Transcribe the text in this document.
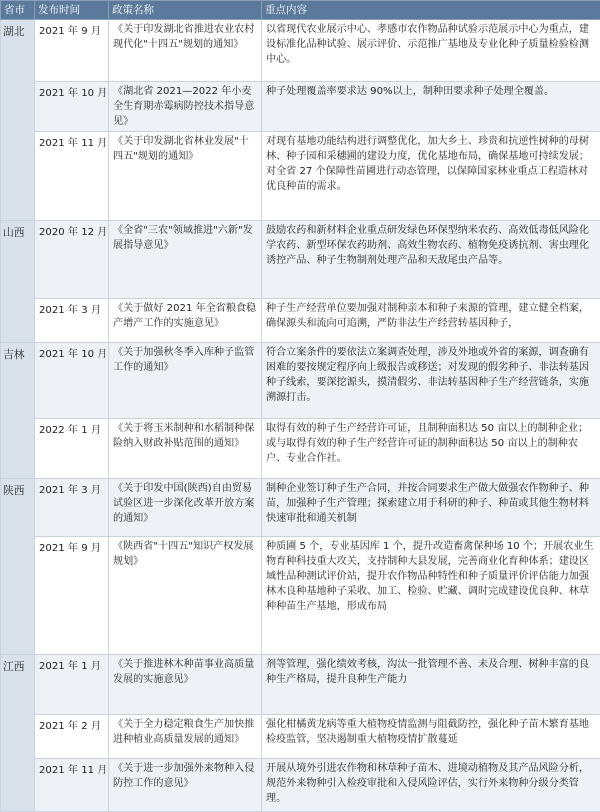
省市	发布时间	政策名称	重点内容
湖北	2021 年 9 月	《关于印发湖北省推进农业农村现代化"十四五"规划的通知》	以省现代农业展示中心、孝感市农作物品种试验示范展示中心为重点，建设标准化品种试验、展示评价、示范推广基地及专业化种子质量检验检测中心。
	2021 年 10 月	《湖北省 2021—2022 年小麦全生育期赤霉病防控技术指导意见》	种子处理覆盖率要求达 90%以上，制种田要求种子处理全覆盖。
	2021 年 11 月	《关于印发湖北省林业发展"十四五"规划的通知》	对现有基地功能结构进行调整优化，加大乡土、珍贵和抗逆性树种的母树林、种子园和采穗圃的建设力度，优化基地布局，确保基地可持续发展；对全省 27 个保障性苗圃进行动态管理，以保障国家林业重点工程造林对优良种苗的需求。
山西	2020 年 12 月	《全省"三农"领域推进"六新"发展指导意见》	鼓励农药和新材料企业重点研发绿色环保型纳米农药、高效低毒低风险化学农药、新型环保农药助剂、高效生物农药、植物免疫诱抗剂、害虫理化诱控产品、种子生物制剂处理产品和天敌尾虫产品等。
	2021 年 3 月	《关于做好 2021 年全省粮食稳产增产工作的实施意见》	种子生产经营单位要加强对制种亲本和种子来源的管理，建立健全档案，确保源头和流向可追溯，严防非法生产经营转基因种子，
吉林	2021 年 10 月	《关于加强秋冬季入库种子监管工作的通知》	符合立案条件的要依法立案调查处理，涉及外地或外省的案源，调查确有困难的要按规定程序向上级报告或移送；对发现的假劣种子、非法转基因种子线索，要深挖源头，摸清假劣、非法转基因种子生产经营链条，实施溯源打击。
	2022 年 1 月	《关于将玉米制种和水稻制种保险纳入财政补贴范围的通知》	取得有效的种子生产经营许可证，且制种面积达 50 亩以上的制种企业；或与取得有效的种子生产经营许可证的制种面积达 50 亩以上的制种农户、专业合作社。
陕西	2021 年 3 月	《关于印发中国(陕西)自由贸易试验区进一步深化改革开放方案的通知》	制种企业签订种子生产合同，并按合同要求生产做大做强农作物种子、种苗，加强种子生产管理；探索建立用于科研的种子、种苗或其他生物材料快速审批和通关机制
	2021 年 9 月	《陕西省"十四五"知识产权发展规划》	种质圃 5 个，专业基因库 1 个，提升改造畜禽保种场 10 个；开展农业生物育种科技重大攻关，支持制种大县发展，完善商业化育种体系；建设区域性品种测试评价站，提升农作物品种特性和种子质量评价评估能力加强林木良种基地种子采收、加工、检验、贮藏、调时完成建设优良种、林草种种苗生产基地，形成布局
江西	2021 年 1 月	《关于推进林木种苗事业高质量发展的实施意见》	剂等管理，强化绩效考核，沟汰一批管理不善、未及合理、树种丰富的良种生产格局，提升良种生产能力
	2021 年 2 月	《关于全力稳定粮食生产加快推进种植业高质量发展的通知》	强化柑橘黄龙病等重大植物疫情监测与阻截防控，强化种子苗木繁育基地检疫监管，坚决遏制重大植物疫情扩散蔓延
	2021 年 11 月	《关于进一步加强外来物种入侵防控工作的意见》	开展从境外引进农作物和林草种子苗木、进境动植物及其产品风险分析，规范外来物种引入检疫审批和入侵风险评估，实行外来物种分级分类管理。
